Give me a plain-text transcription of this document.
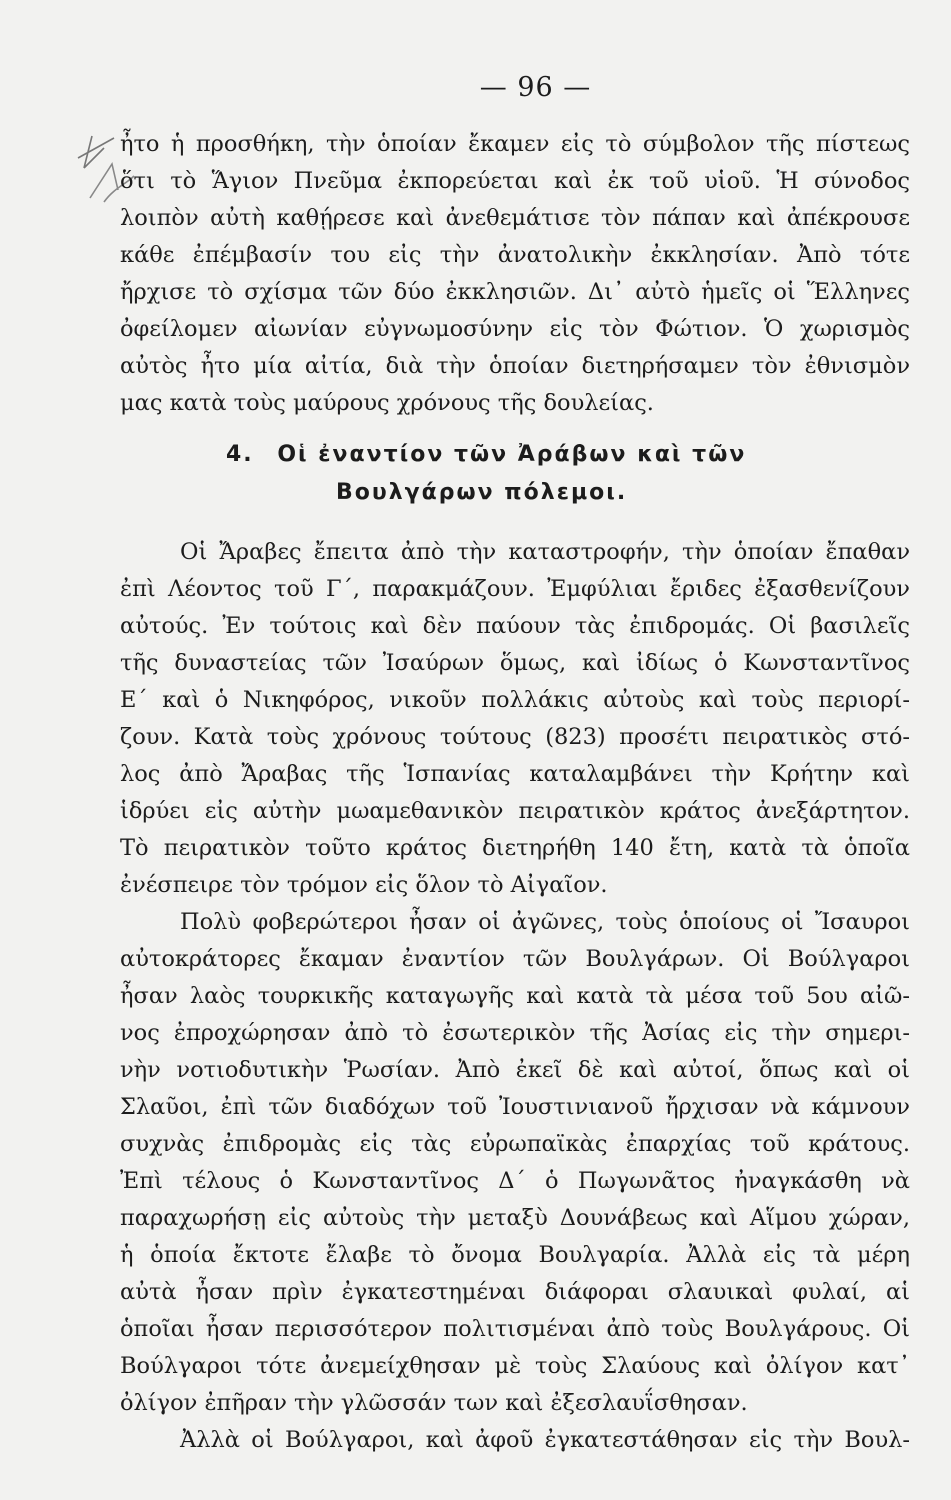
— 96 —
ἦτο ἡ προσθήκη, τὴν ὁποίαν ἔκαμεν εἰς τὸ σύμβολον τῆς πίστεως
ὅτι τὸ Ἅγιον Πνεῦμα ἐκπορεύεται καὶ ἐκ τοῦ υἱοῦ. Ἡ σύνοδος
λοιπὸν αὐτὴ καθῄρεσε καὶ ἀνεθεμάτισε τὸν πάπαν καὶ ἀπέκρουσε
κάθε ἐπέμβασίν του εἰς τὴν ἀνατολικὴν ἐκκλησίαν. Ἀπὸ τότε
ἤρχισε τὸ σχίσμα τῶν δύο ἐκκλησιῶν. Δι᾿ αὐτὸ ἡμεῖς οἱ Ἕλληνες
ὀφείλομεν αἰωνίαν εὐγνωμοσύνην εἰς τὸν Φώτιον. Ὁ χωρισμὸς
αὐτὸς ἦτο μία αἰτία, διὰ τὴν ὁποίαν διετηρήσαμεν τὸν ἐθνισμὸν
μας κατὰ τοὺς μαύρους χρόνους τῆς δουλείας.
4. Οἱ ἐναντίον τῶν Ἀράβων καὶ τῶν
Βουλγάρων πόλεμοι.
Οἱ Ἄραβες ἔπειτα ἀπὸ τὴν καταστροφήν, τὴν ὁποίαν ἔπαθαν
ἐπὶ Λέοντος τοῦ Γ΄, παρακμάζουν. Ἐμφύλιαι ἔριδες ἐξασθενίζουν
αὐτούς. Ἐν τούτοις καὶ δὲν παύουν τὰς ἐπιδρομάς. Οἱ βασιλεῖς
τῆς δυναστείας τῶν Ἰσαύρων ὅμως, καὶ ἰδίως ὁ Κωνσταντῖνος
Ε΄ καὶ ὁ Νικηφόρος, νικοῦν πολλάκις αὐτοὺς καὶ τοὺς περιορί-
ζουν. Κατὰ τοὺς χρόνους τούτους (823) προσέτι πειρατικὸς στό-
λος ἀπὸ Ἄραβας τῆς Ἱσπανίας καταλαμβάνει τὴν Κρήτην καὶ
ἱδρύει εἰς αὐτὴν μωαμεθανικὸν πειρατικὸν κράτος ἀνεξάρτητον.
Τὸ πειρατικὸν τοῦτο κράτος διετηρήθη 140 ἔτη, κατὰ τὰ ὁποῖα
ἐνέσπειρε τὸν τρόμον εἰς ὅλον τὸ Αἰγαῖον.
Πολὺ φοβερώτεροι ἦσαν οἱ ἀγῶνες, τοὺς ὁποίους οἱ Ἴσαυροι
αὐτοκράτορες ἔκαμαν ἐναντίον τῶν Βουλγάρων. Οἱ Βούλγαροι
ἦσαν λαὸς τουρκικῆς καταγωγῆς καὶ κατὰ τὰ μέσα τοῦ 5ου αἰῶ-
νος ἐπροχώρησαν ἀπὸ τὸ ἐσωτερικὸν τῆς Ἀσίας εἰς τὴν σημερι-
νὴν νοτιοδυτικὴν Ῥωσίαν. Ἀπὸ ἐκεῖ δὲ καὶ αὐτοί, ὅπως καὶ οἱ
Σλαῦοι, ἐπὶ τῶν διαδόχων τοῦ Ἰουστινιανοῦ ἤρχισαν νὰ κάμνουν
συχνὰς ἐπιδρομὰς εἰς τὰς εὐρωπαϊκὰς ἐπαρχίας τοῦ κράτους.
Ἐπὶ τέλους ὁ Κωνσταντῖνος Δ΄ ὁ Πωγωνᾶτος ἠναγκάσθη νὰ
παραχωρήσῃ εἰς αὐτοὺς τὴν μεταξὺ Δουνάβεως καὶ Αἵμου χώραν,
ἡ ὁποία ἔκτοτε ἔλαβε τὸ ὄνομα Βουλγαρία. Ἀλλὰ εἰς τὰ μέρη
αὐτὰ ἦσαν πρὶν ἐγκατεστημέναι διάφοραι σλαυικαὶ φυλαί, αἱ
ὁποῖαι ἦσαν περισσότερον πολιτισμέναι ἀπὸ τοὺς Βουλγάρους. Οἱ
Βούλγαροι τότε ἀνεμείχθησαν μὲ τοὺς Σλαύους καὶ ὀλίγον κατ᾿
ὀλίγον ἐπῆραν τὴν γλῶσσάν των καὶ ἐξεσλαυΐσθησαν.
Ἀλλὰ οἱ Βούλγαροι, καὶ ἀφοῦ ἐγκατεστάθησαν εἰς τὴν Βουλ-
